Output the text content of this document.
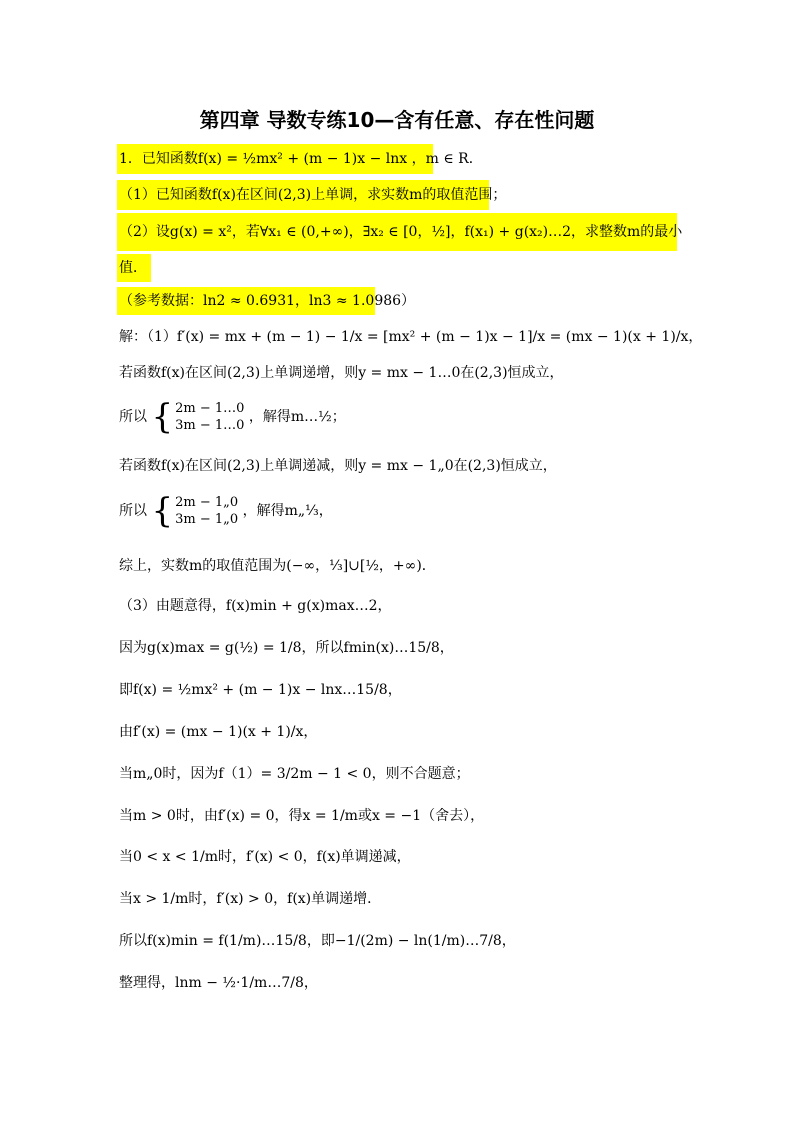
第四章 导数专练10—含有任意、存在性问题
1．已知函数f(x) = ½mx² + (m − 1)x − lnx ，m ∈ R．
（1）已知函数f(x)在区间(2,3)上单调，求实数m的取值范围；
（2）设g(x) = x²，若∀x₁ ∈ (0,+∞)，∃x₂ ∈ [0，½]，f(x₁) + g(x₂)…2，求整数m的最小
值．
（参考数据：ln2 ≈ 0.6931，ln3 ≈ 1.0986）
解：（1）f′(x) = mx + (m − 1) − 1/x = [mx² + (m − 1)x − 1]/x = (mx − 1)(x + 1)/x，
若函数f(x)在区间(2,3)上单调递增，则y = mx − 1…0在(2,3)恒成立，
所以 { 2m − 1…0
3m − 1…0
，解得m…½；
若函数f(x)在区间(2,3)上单调递减，则y = mx − 1„0在(2,3)恒成立，
所以 { 2m − 1„0
3m − 1„0
，解得m„⅓，
综上，实数m的取值范围为(−∞，⅓]∪[½，+∞)．
（3）由题意得，f(x)min + g(x)max…2，
因为g(x)max = g(½) = 1/8，所以fmin(x)…15/8，
即f(x) = ½mx² + (m − 1)x − lnx…15/8，
由f′(x) = (mx − 1)(x + 1)/x，
当m„0时，因为f（1）= 3/2m − 1 < 0，则不合题意；
当m > 0时，由f′(x) = 0，得x = 1/m或x = −1（舍去），
当0 < x < 1/m时，f′(x) < 0，f(x)单调递减，
当x > 1/m时，f′(x) > 0，f(x)单调递增．
所以f(x)min = f(1/m)…15/8，即−1/(2m) − ln(1/m)…7/8，
整理得，lnm − ½·1/m…7/8，
